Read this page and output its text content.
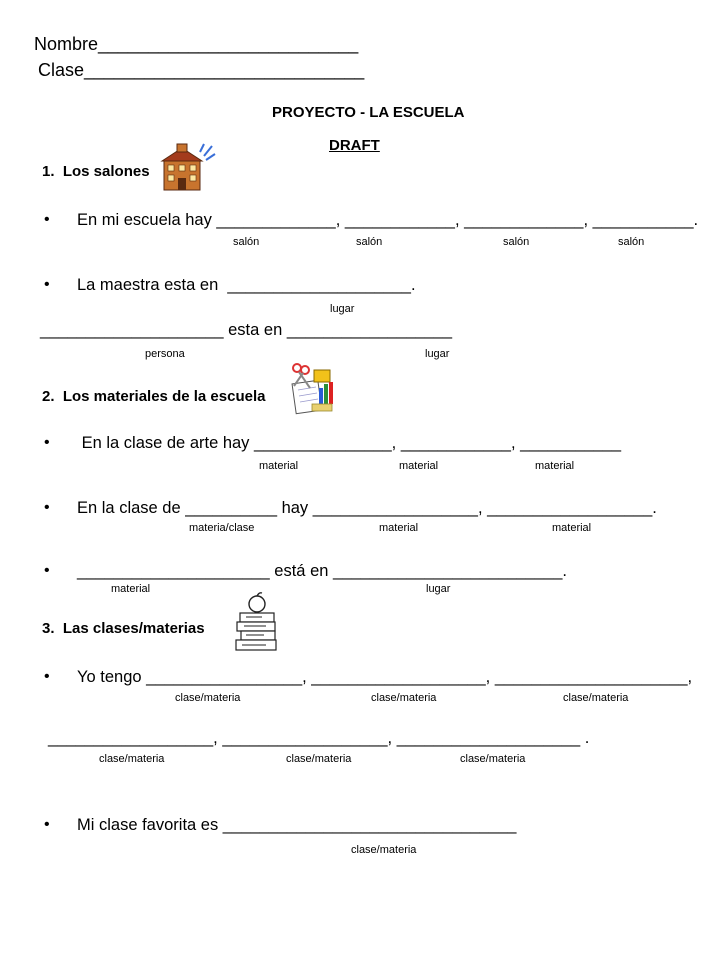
Nombre__________________________
Clase____________________________
PROYECTO - LA ESCUELA
DRAFT
1.  Los salones
• En mi escuela hay _____________, ____________, _____________, ___________.
salón	salón	salón	salón
• La maestra esta en  ____________________.
lugar
____________________ esta en __________________
persona	lugar
2.  Los materiales de la escuela
• En la clase de arte hay _______________, ____________, ___________
material	material	material
• En la clase de __________ hay __________________, __________________.
materia/clase	material	material
• _____________________ está en _________________________.
material	lugar
3.  Las clases/materias
• Yo tengo _________________, ___________________, _____________________,
clase/materia	clase/materia	clase/materia
__________________, __________________, ____________________ .
clase/materia	clase/materia	clase/materia
• Mi clase favorita es ________________________________
clase/materia
